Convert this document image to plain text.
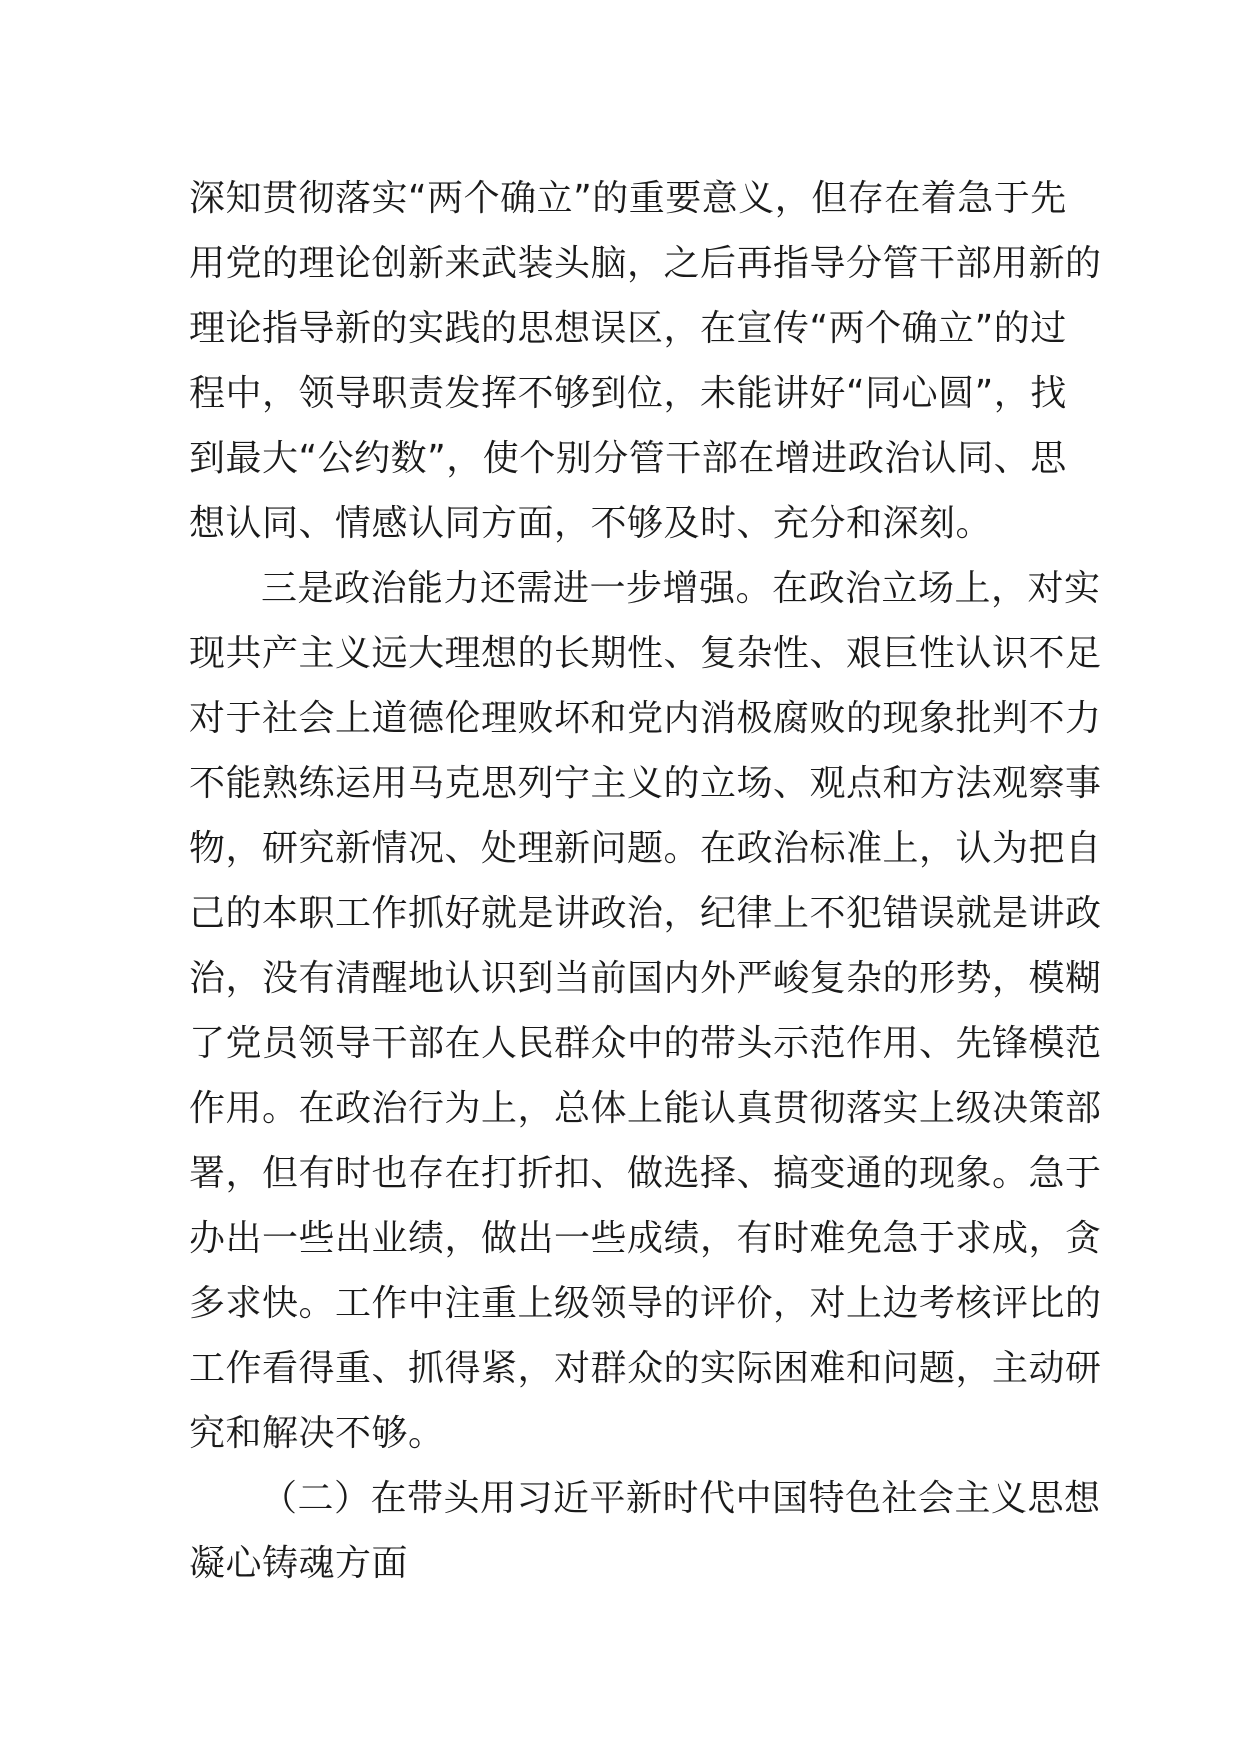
深知贯彻落实“两个确立”的重要意义，但存在着急于先
用党的理论创新来武装头脑，之后再指导分管干部用新的
理论指导新的实践的思想误区，在宣传“两个确立”的过
程中，领导职责发挥不够到位，未能讲好“同心圆”，找
到最大“公约数”，使个别分管干部在增进政治认同、思
想认同、情感认同方面，不够及时、充分和深刻。
三是政治能力还需进一步增强。在政治立场上，对实
现共产主义远大理想的长期性、复杂性、艰巨性认识不足
对于社会上道德伦理败坏和党内消极腐败的现象批判不力
不能熟练运用马克思列宁主义的立场、观点和方法观察事
物，研究新情况、处理新问题。在政治标准上，认为把自
己的本职工作抓好就是讲政治，纪律上不犯错误就是讲政
治，没有清醒地认识到当前国内外严峻复杂的形势，模糊
了党员领导干部在人民群众中的带头示范作用、先锋模范
作用。在政治行为上，总体上能认真贯彻落实上级决策部
署，但有时也存在打折扣、做选择、搞变通的现象。急于
办出一些出业绩，做出一些成绩，有时难免急于求成，贪
多求快。工作中注重上级领导的评价，对上边考核评比的
工作看得重、抓得紧，对群众的实际困难和问题，主动研
究和解决不够。
（二）在带头用习近平新时代中国特色社会主义思想
凝心铸魂方面
